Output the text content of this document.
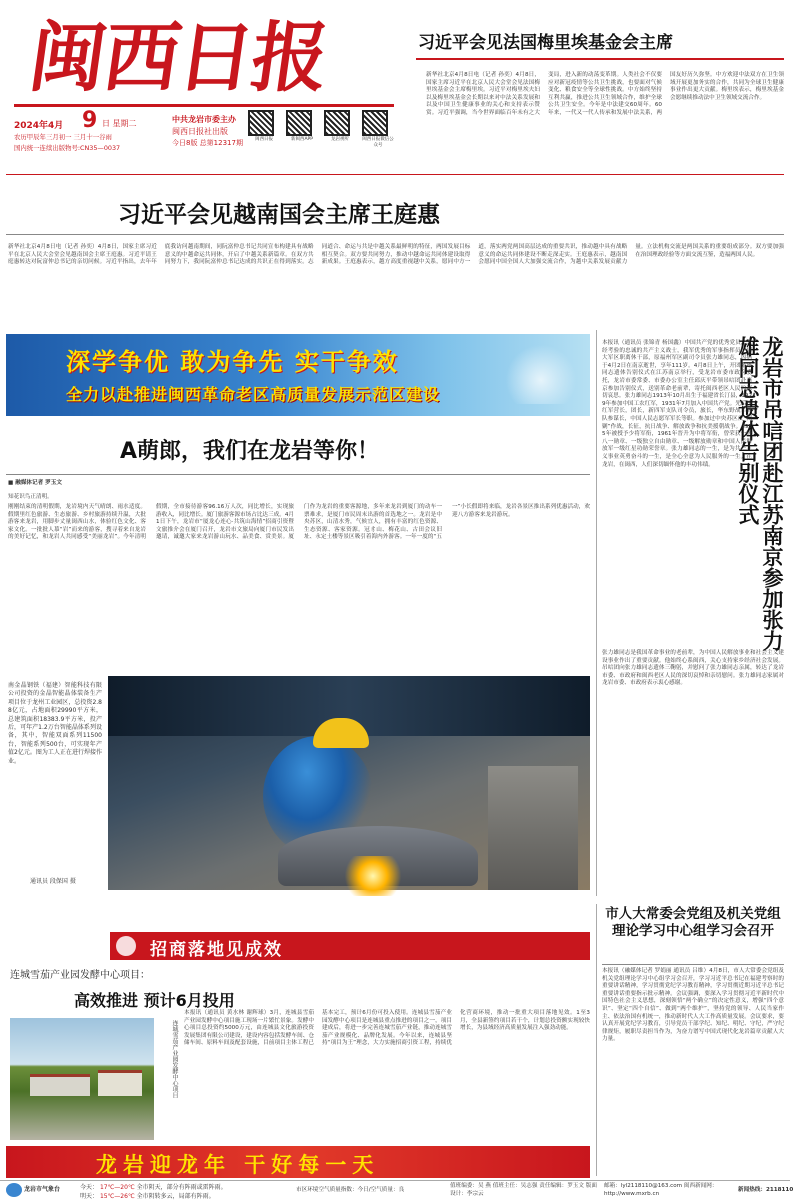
闽西日报
2024年4月 9 日 星期二
农历甲辰年三月初一 三月十一谷雨
国内统一连续出版物号:CN35—0037
中共龙岩市委主办
闽西日报社出版
今日8版 总第12317期	闽西日报	新闽西APP	龙岩视听	闽西日报微信公众号
习近平会见法国梅里埃基金会主席
新华社北京4月8日电（记者 孙奕）4月8日，国家主席习近平在北京人民大会堂会见法国梅里埃基金会主席梅里埃。习近平对梅里埃夫妇以及梅里埃基金会长期以来对中法关系发展和以及中国卫生健康事业的关心和支持表示赞赏。习近平强调，当今世界面临百年未有之大变局，进入新的动荡变革期。人类社会不仅要应对新冠疫情等公共卫生挑战，也要面对气候变化、粮食安全等全球性挑战。中方始终坚持互利共赢，推进公共卫生领域合作，维护全球公共卫生安全。今年是中法建交60周年。60年来，一代又一代人传承和发展中法关系，两国友好历久弥坚。中方欢迎中法双方在卫生领域开展更加务实的合作，共同为全球卫生健康事业作出更大贡献。梅里埃表示，梅里埃基金会愿继续推动法中卫生领域交流合作。
习近平会见越南国会主席王庭惠
新华社北京4月8日电（记者 孙奕）4月8日，国家主席习近平在北京人民大会堂会见越南国会主席王庭惠。习近平请王庭惠转达对阮富仲总书记的亲切问候。习近平指出，去年年底我访问越南期间，同阮富仲总书记共同宣布构建具有战略意义的中越命运共同体，开启了中越关系新篇章。在双方共同努力下，我同阮富仲总书记达成的共识正在得到落实。志同道合、命运与共是中越关系最鲜明的特征，两国发展目标相互契合。双方要共同努力，推动中越命运共同体建设取得新成果。王庭惠表示，越方高度重视越中关系，愿同中方一道，落实两党两国高层达成的重要共识，推动越中具有战略意义的命运共同体建设不断走深走实。王庭惠表示，越南国会愿同中国全国人大加强交流合作，为越中关系发展贡献力量。立法机构交流是两国关系的重要组成部分。双方要加强在治国理政经验等方面交流互鉴，造福两国人民。
深学争优 敢为争先 实干争效
全力以赴推进闽西革命老区高质量发展示范区建设
A萌郎，我们在龙岩等你！
■ 融媒体记者 罗玉文
知花识鸟正清明。
刚刚结束的清明假期，龙岩境内天气晴朗、雨水适度。假期里红色旅游、生态旅游、乡村旅游持续升温，大批游客来龙岩，用脚步丈量闽西山水，体验红色文化、客家文化。一批批人慕“岩”而来的游客，搜寻着来自龙岩的美好记忆，和龙岩人共同感受“美丽龙岩”。今年清明假期，全市接待游客96.16万人次，同比增长，实现旅游收入，同比增长。厦门旅游客源市场占比达三成。4月1日下午，龙岩市“厦龙心连心·共筑山海情”招商引资暨文旅推介会在厦门召开，龙岩市文旅局向厦门市民发出邀请，诚邀大家来龙岩游山玩水、品美食、赏美景。厦门作为龙岩的重要客源地，多年来龙岩到厦门的动车一票难求，是厦门市民周末出游的首选地之一。龙岩是中央苏区，山清水秀，气候宜人，拥有丰富的红色资源、生态资源、客家资源。冠豸山、梅花山、古田会议旧址、永定土楼等景区吸引着海内外游客。一年一度的“五一”小长假即将来临，龙岩各景区推出系列优惠活动，欢迎八方游客来龙岩游玩。
南金晶钢铁（福建）智能科技有限公司投资的金晶智能晶体装备生产项目位于龙州工业园区，总投资2.88亿元，占地面积29990平方米，总建筑面积18383.9平方米，投产后，可年产1.2万台智能晶体系列设备，其中，智能双面系列11500台，智能系列500台，可实现年产值2亿元。图为工人正在进行焊接作业。
通讯员 段保国 摄
龙岩市吊唁团赴江苏南京参加张力雄同志遗体告别仪式
本报讯（通讯员 张锦青 杨国鑫）中国共产党的优秀党员，久经考验的忠诚的共产主义战士，我军优秀的军事指挥员，副大军区职离休干部，原福州军区副司令员张力雄同志，因病于4月2日在南京逝世，享年111岁。4月8日上午，开团张雄同志遗体告别仪式在江苏南京举行，受龙岩市委市政府委托，龙岩市委常委、市委办公室主任邱庆平带领吊唁团赴南京参加告别仪式，送别革命老前辈，寄托闽西老区人民的深切哀思。张力雄同志1913年10月出生于福建省长汀县，1929年参加中国工农红军，1931年7月加入中国共产党。先后任红军营长，团长，新四军支队司令员，旅长，华东野战军纵队参谋长，中国人民志愿军军长等职。参加过中央苏区反“围剿”作战，长征，抗日战争、解放战争和抗美援朝战争。1955年被授予少将军衔，1961年晋升为中将军衔，曾荣获一级八一勋章、一级独立自由勋章、一级解放勋章和中国人民解放军一级红星功勋荣誉章。张力雄同志的一生，是为共产主义事业英勇奋斗的一生，是全心全意为人民服务的一生。在龙岩，在闽西，人们深切缅怀他的丰功伟绩。
张力雄同志是我国革命事业的老前辈，为中国人民解放事业和社会主义建设事业作出了重要贡献。他始终心系闽西，关心支持家乡经济社会发展。吊唁团向张力雄同志遗体三鞠躬，并慰问了张力雄同志亲属，转达了龙岩市委、市政府和闽西老区人民的深切哀悼和亲切慰问。张力雄同志家属对龙岩市委、市政府表示衷心感谢。
招商落地见成效
连城雪茄产业园发酵中心项目：
高效推进 预计6月投用
连城雪茄产业园发酵中心项目
本报讯（通讯员 黄水林 谢辉球）3月，连城县雪茄产业园发酵中心项目施工现场一片繁忙景象。发酵中心项目总投资约5000万元，由连城县文化旅游投资发展集团有限公司建设，建设内容包括发酵车间、仓储车间、原料车间及配套设施，目前项目主体工程已基本完工，预计6月份可投入使用。连城县雪茄产业园发酵中心项目是连城县重点推进的项目之一，项目建成后，将进一步完善连城雪茄产业链，推动连城雪茄产业规模化、品牌化发展。今年以来，连城县坚持“项目为王”理念，大力实施招商引资工程，持续优化营商环境，推动一批重大项目落地见效。1至3月，全县新签约项目若干个，计划总投资额实现较快增长，为县域经济高质量发展注入强劲动能。
市人大常委会党组及机关党组理论学习中心组学习会召开
本报讯（融媒体记者 罗娟丽 通讯员 吕维）4月8日，市人大常委会党组及机关党组理论学习中心组学习会召开，学习习近平总书记在福建考察时的重要讲话精神，学习贯彻党纪学习教育精神，学习贯彻近期习近平总书记重要讲话重要指示批示精神。会议强调，要深入学习贯彻习近平新时代中国特色社会主义思想，深刻领悟“两个确立”的决定性意义，增强“四个意识”、坚定“四个自信”、做到“两个维护”，坚持党的领导、人民当家作主、依法治国有机统一，推动新时代人大工作高质量发展。会议要求，要认真开展党纪学习教育，引导党员干部学纪、知纪、明纪、守纪，严守纪律规矩，履职尽责担当作为，为奋力谱写中国式现代化龙岩篇章贡献人大力量。
龙岩迎龙年 干好每一天
龙岩市气象台	今天： 17℃—20℃ 全市阴天，部分有阵雨或雷阵雨。
明天： 15℃—26℃ 全市阴转多云，局部有阵雨。
市区环境空气质量指数：今日/空气质量：良
值班编委：吴 燕 值班主任：吴志强 责任编辑：罗玉文 版面设计：李宗云
邮箱：lyl2118110@163.com 闽西新闻网：http://www.mxrb.cn
新闻热线：2118110
